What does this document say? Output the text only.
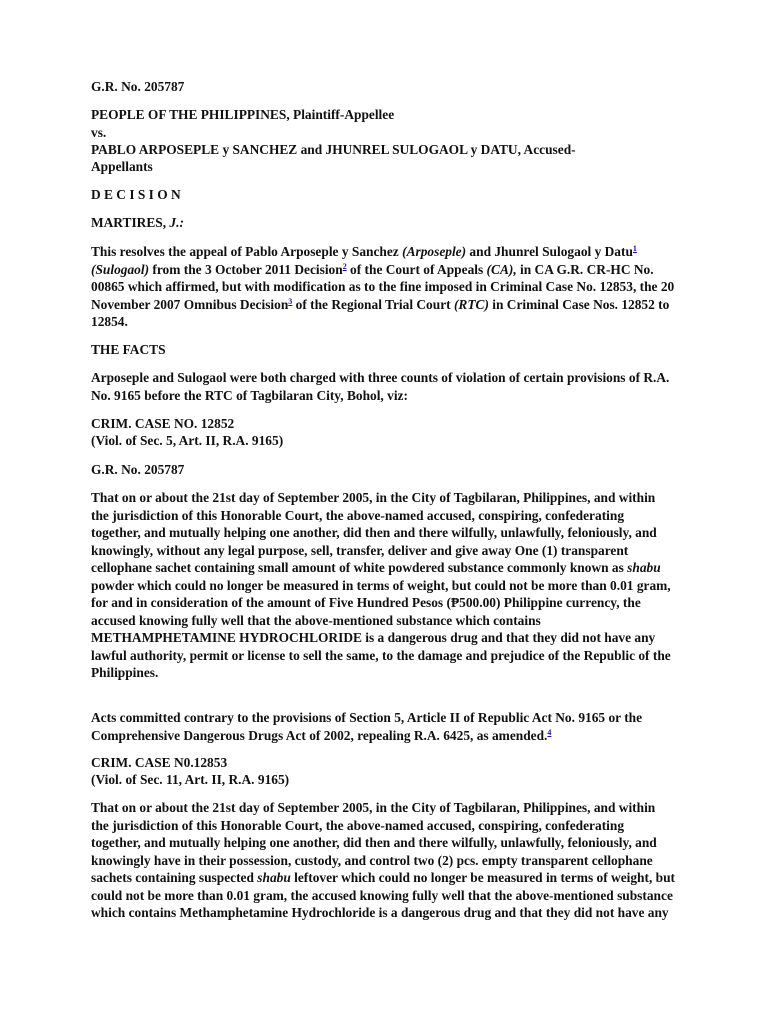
G.R. No. 205787

PEOPLE OF THE PHILIPPINES, Plaintiff-Appellee

vs.

PABLO ARPOSEPLE y SANCHEZ and JHUNREL SULOGAOL y DATU, Accused-

Appellants

D E C I S I O N

MARTIRES, J.:

This resolves the appeal of Pablo Arposeple y Sanchez (Arposeple) and Jhunrel Sulogaol y Datu$^1$ (Sulogaol) from the 3 October 2011 Decision$^2$ of the Court of Appeals (CA), in CA G.R. CR-HC No. 00865 which affirmed, but with modification as to the fine imposed in Criminal Case No. 12853, the 20 November 2007 Omnibus Decision$^3$ of the Regional Trial Court (RTC) in Criminal Case Nos. 12852 to 12854.

THE FACTS

Arposeple and Sulogaol were both charged with three counts of violation of certain provisions of R.A. No. 9165 before the RTC of Tagbilaran City, Bohol, viz:

CRIM. CASE NO. 12852

(Viol. of Sec. 5, Art. II, R.A. 9165)

G.R. No. 205787

That on or about the 21st day of September 2005, in the City of Tagbilaran, Philippines, and within the jurisdiction of this Honorable Court, the above-named accused, conspiring, confederating together, and mutually helping one another, did then and there wilfully, unlawfully, feloniously, and knowingly, without any legal purpose, sell, transfer, deliver and give away One (1) transparent cellophane sachet containing small amount of white powdered substance commonly known as shabu powder which could no longer be measured in terms of weight, but could not be more than 0.01 gram, for and in consideration of the amount of Five Hundred Pesos (₱500.00) Philippine currency, the accused knowing fully well that the above-mentioned substance which contains METHAMPHETAMINE HYDROCHLORIDE is a dangerous drug and that they did not have any lawful authority, permit or license to sell the same, to the damage and prejudice of the Republic of the Philippines.

Acts committed contrary to the provisions of Section 5, Article II of Republic Act No. 9165 or the Comprehensive Dangerous Drugs Act of 2002, repealing R.A. 6425, as amended.$^4$

CRIM. CASE N0.12853

(Viol. of Sec. 11, Art. II, R.A. 9165)

That on or about the 21st day of September 2005, in the City of Tagbilaran, Philippines, and within the jurisdiction of this Honorable Court, the above-named accused, conspiring, confederating together, and mutually helping one another, did then and there wilfully, unlawfully, feloniously, and knowingly have in their possession, custody, and control two (2) pcs. empty transparent cellophane sachets containing suspected shabu leftover which could no longer be measured in terms of weight, but could not be more than 0.01 gram, the accused knowing fully well that the above-mentioned substance which contains Methamphetamine Hydrochloride is a dangerous drug and that they did not have any
